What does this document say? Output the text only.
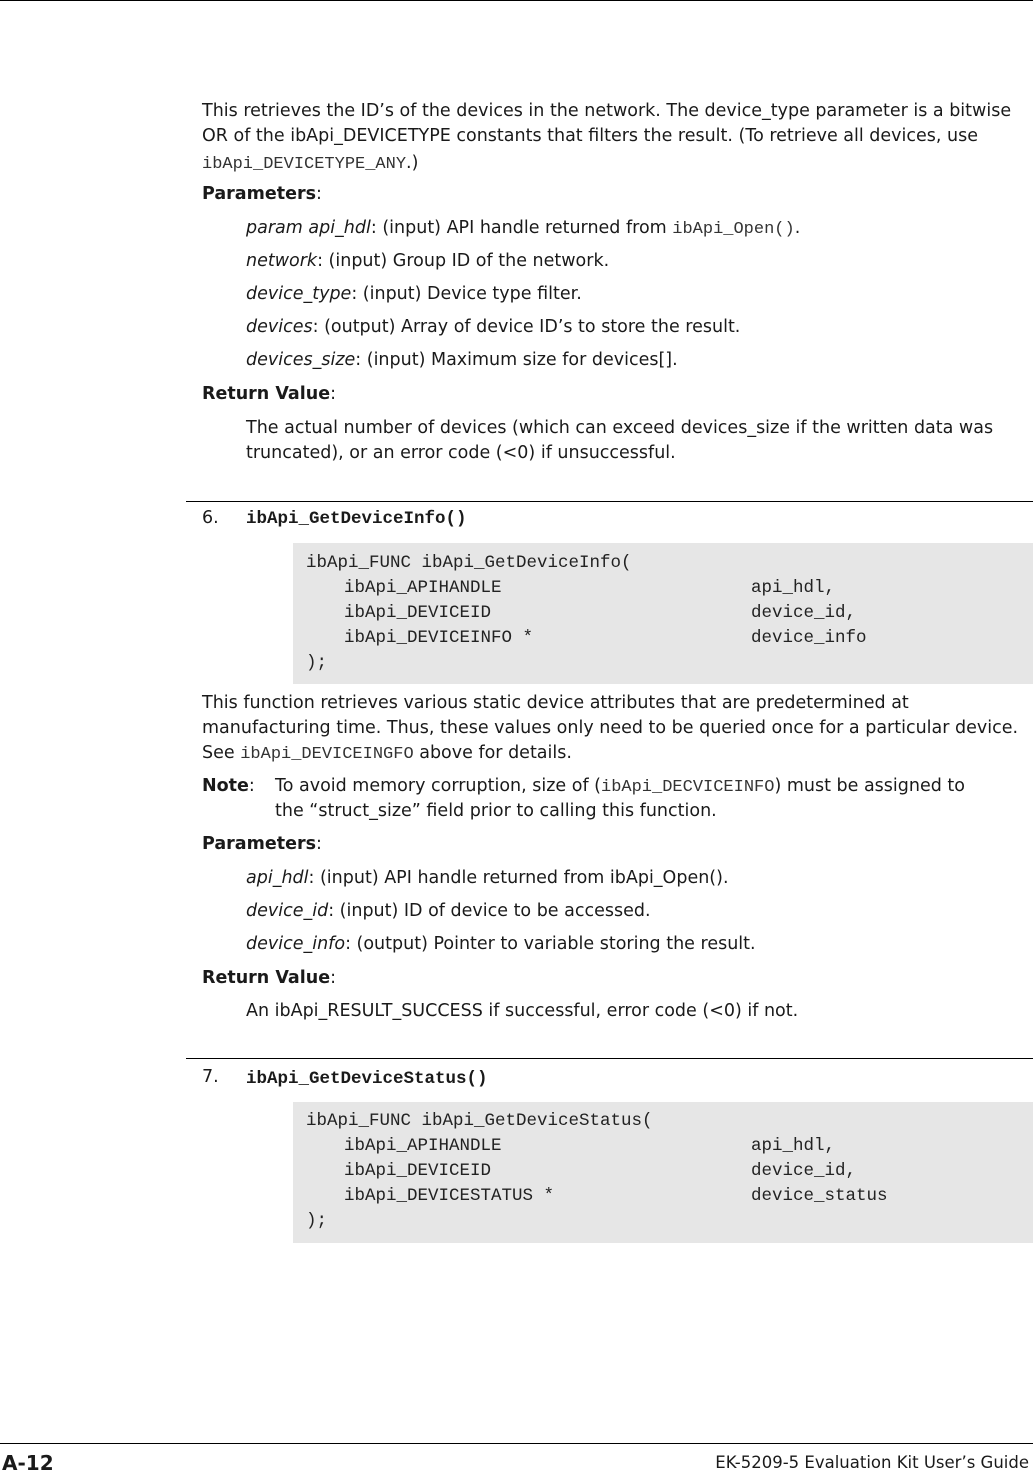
This retrieves the ID’s of the devices in the network. The device_type parameter is a bitwise

OR of the ibApi_DEVICETYPE constants that filters the result. (To retrieve all devices, use

ibApi_DEVICETYPE_ANY.)

Parameters:

param api_hdl: (input) API handle returned from ibApi_Open().

network: (input) Group ID of the network.

device_type: (input) Device type filter.

devices: (output) Array of device ID’s to store the result.

devices_size: (input) Maximum size for devices[].

Return Value:

The actual number of devices (which can exceed devices_size if the written data was

truncated), or an error code (<0) if unsuccessful.

6. ibApi_GetDeviceInfo()
ibApi_FUNC ibApi_GetDeviceInfo(
ibApi_APIHANDLE	api_hdl,
ibApi_DEVICEID	device_id,
ibApi_DEVICEINFO *	device_info
);

This function retrieves various static device attributes that are predetermined at

manufacturing time. Thus, these values only need to be queried once for a particular device.

See ibApi_DEVICEINGFO above for details.

Note: To avoid memory corruption, size of (ibApi_DECVICEINFO) must be assigned to

the “struct_size” field prior to calling this function.

Parameters:

api_hdl: (input) API handle returned from ibApi_Open().

device_id: (input) ID of device to be accessed.

device_info: (output) Pointer to variable storing the result.

Return Value:

An ibApi_RESULT_SUCCESS if successful, error code (<0) if not.

7. ibApi_GetDeviceStatus()
ibApi_FUNC ibApi_GetDeviceStatus(
ibApi_APIHANDLE	api_hdl,
ibApi_DEVICEID	device_id,
ibApi_DEVICESTATUS *	device_status
);
A-12	EK-5209-5 Evaluation Kit User’s Guide
